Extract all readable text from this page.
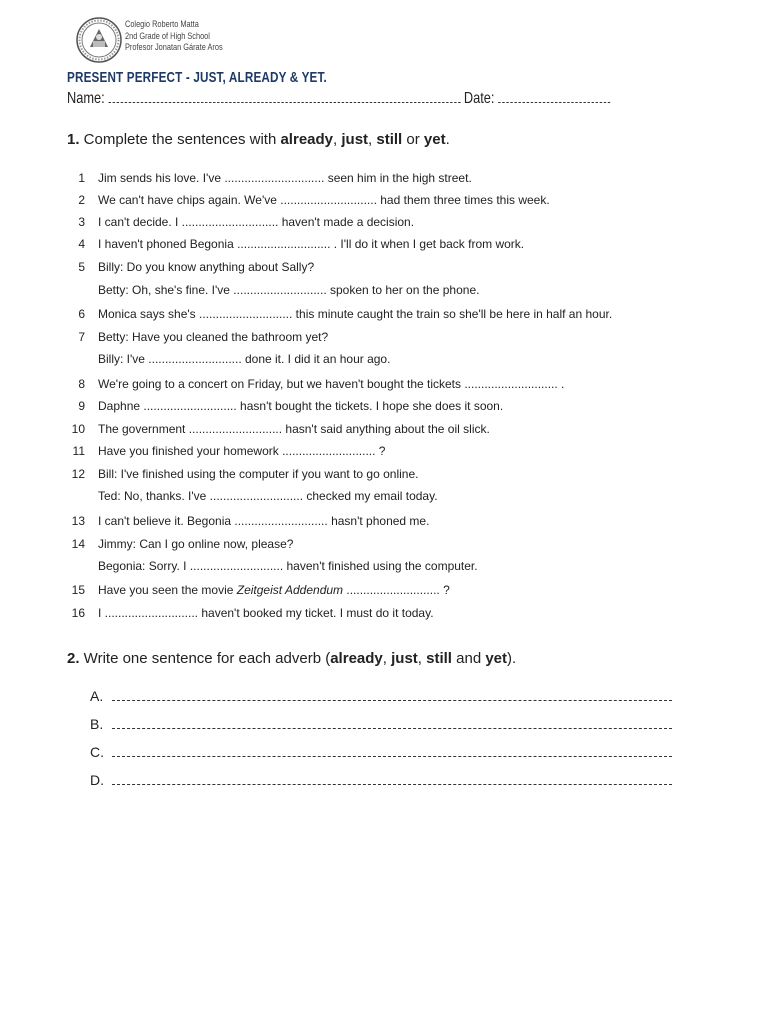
Colegio Roberto Matta
2nd Grade of High School
Profesor Jonatan Gárate Aros
PRESENT PERFECT - JUST, ALREADY & YET.
Name:	Date:
1. Complete the sentences with already, just, still or yet.
1 Jim sends his love. I've .............................. seen him in the high street.
2 We can't have chips again. We've ............................. had them three times this week.
3 I can't decide. I ............................. haven't made a decision.
4 I haven't phoned Begonia ............................ . I'll do it when I get back from work.
5 Billy: Do you know anything about Sally?
Betty: Oh, she's fine. I've ............................ spoken to her on the phone.
6 Monica says she's ............................ this minute caught the train so she'll be here in half an hour.
7 Betty: Have you cleaned the bathroom yet?
Billy: I've ............................ done it. I did it an hour ago.
8 We're going to a concert on Friday, but we haven't bought the tickets ............................ .
9 Daphne ............................ hasn't bought the tickets. I hope she does it soon.
10 The government ............................ hasn't said anything about the oil slick.
11 Have you finished your homework ............................ ?
12 Bill: I've finished using the computer if you want to go online.
Ted: No, thanks. I've ............................ checked my email today.
13 I can't believe it. Begonia ............................ hasn't phoned me.
14 Jimmy: Can I go online now, please?
Begonia: Sorry. I ............................ haven't finished using the computer.
15 Have you seen the movie Zeitgeist Addendum ............................ ?
16 I ............................ haven't booked my ticket. I must do it today.
2. Write one sentence for each adverb (already, just, still and yet).
A.
B.
C.
D.
